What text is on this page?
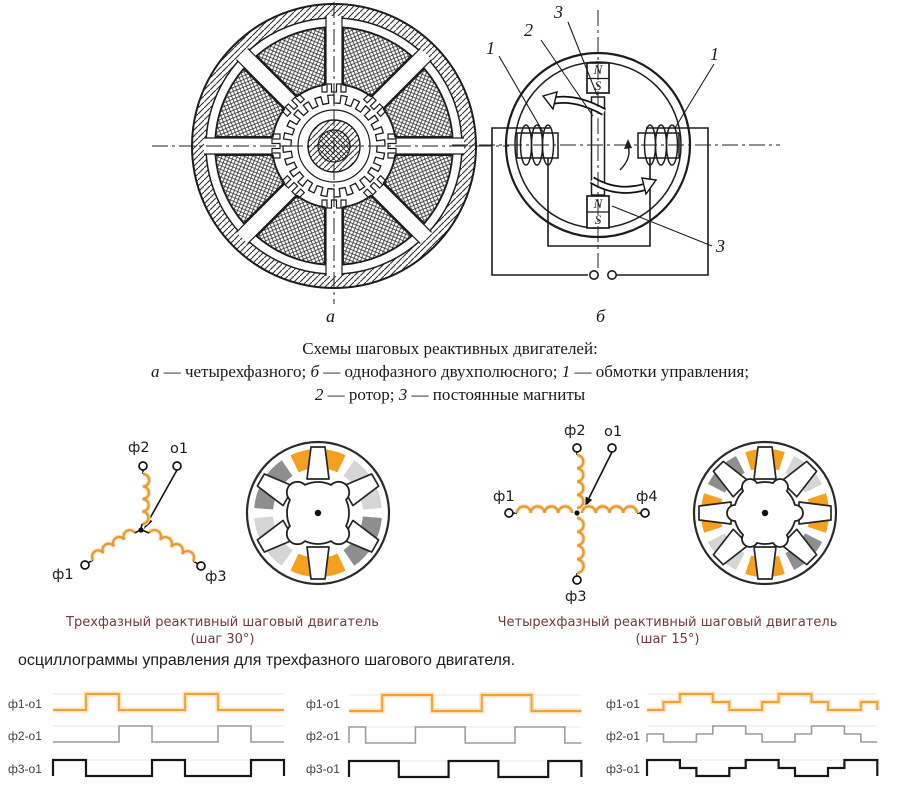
а	б
1
2
3
1
3
N
S
N
S
Схемы шаговых реактивных двигателей:
а — четырехфазного; б — однофазного двухполюсного; 1 — обмотки управления;
2 — ротор; 3 — постоянные магниты
ф2 о1
ф1	ф3
ф2 о1
ф1	ф4
ф3
Трехфазный реактивный шаговый двигатель
(шаг 30°)
Четырехфазный реактивный шаговый двигатель
(шаг 15°)
осциллограммы управления для трехфазного шагового двигателя.
ф1-о1
ф2-о1
ф3-о1
ф1-о1
ф2-о1
ф3-о1
ф1-о1
ф2-о1
ф3-о1
